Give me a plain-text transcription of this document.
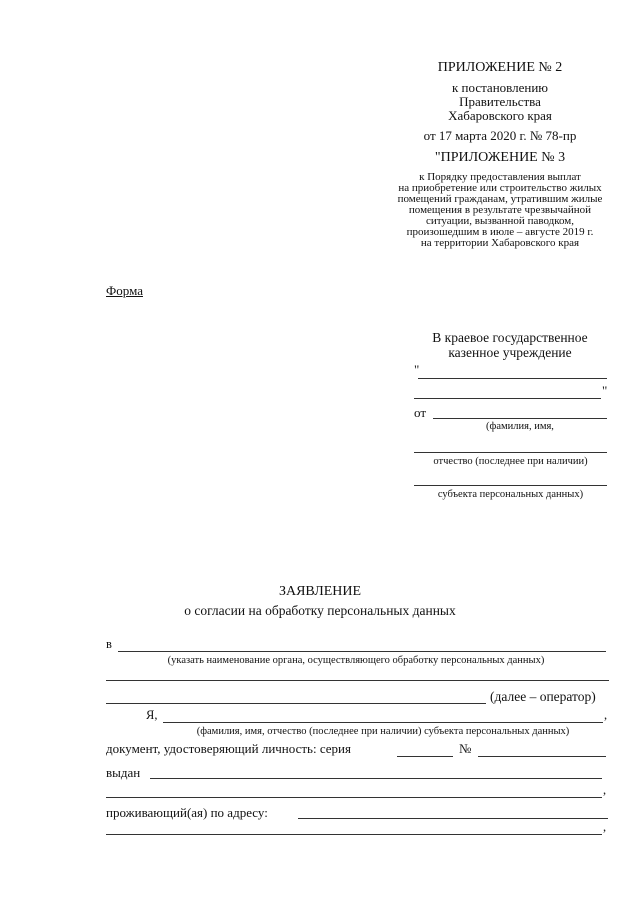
ПРИЛОЖЕНИЕ № 2
к постановлению
Правительства
Хабаровского края
от 17 марта 2020 г. № 78-пр
"ПРИЛОЖЕНИЕ № 3
к Порядку предоставления выплат
на приобретение или строительство жилых
помещений гражданам, утратившим жилые
помещения в результате чрезвычайной
ситуации, вызванной паводком,
произошедшим в июле – августе 2019 г.
на территории Хабаровского края
Форма
В краевое государственное
казенное учреждение
"
"
от
(фамилия, имя,
отчество (последнее при наличии)
субъекта персональных данных)
ЗАЯВЛЕНИЕ
о согласии на обработку персональных данных
в
(указать наименование органа, осуществляющего обработку персональных данных)
(далее – оператор)
Я,	,
(фамилия, имя, отчество (последнее при наличии) субъекта персональных данных)
документ, удостоверяющий личность: серия	№
выдан
,
проживающий(ая) по адресу:
,
